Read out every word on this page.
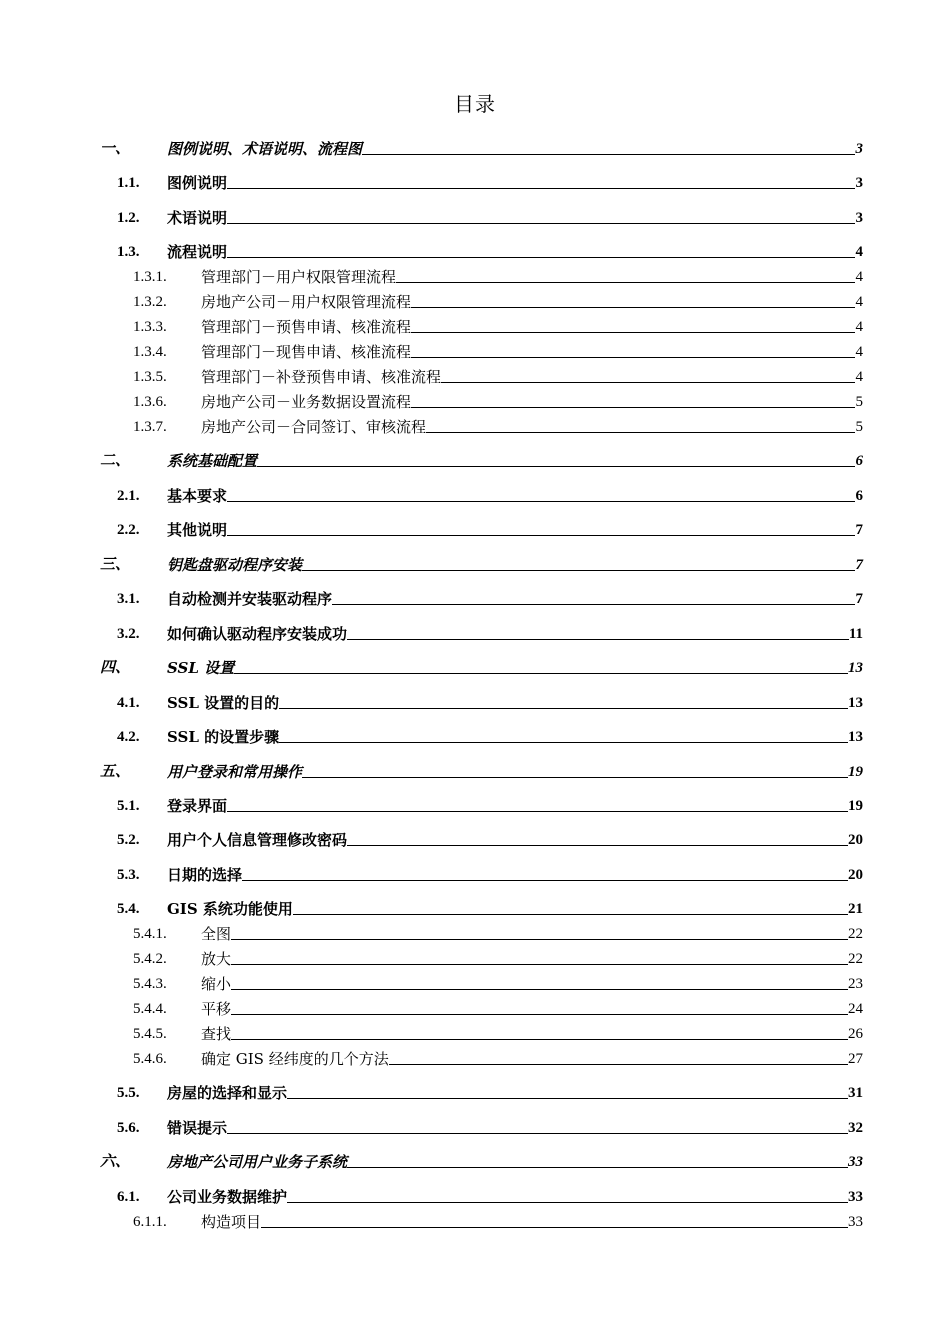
目录
一、 图例说明、术语说明、流程图	3
1.1. 图例说明	3
1.2. 术语说明	3
1.3. 流程说明	4
1.3.1. 管理部门－用户权限管理流程	4
1.3.2. 房地产公司－用户权限管理流程	4
1.3.3. 管理部门－预售申请、核准流程	4
1.3.4. 管理部门－现售申请、核准流程	4
1.3.5. 管理部门－补登预售申请、核准流程	4
1.3.6. 房地产公司－业务数据设置流程	5
1.3.7. 房地产公司－合同签订、审核流程	5
二、 系统基础配置	6
2.1. 基本要求	6
2.2. 其他说明	7
三、 钥匙盘驱动程序安装	7
3.1. 自动检测并安装驱动程序	7
3.2. 如何确认驱动程序安装成功	11
四、 SSL 设置	13
4.1. SSL 设置的目的	13
4.2. SSL 的设置步骤	13
五、 用户登录和常用操作	19
5.1. 登录界面	19
5.2. 用户个人信息管理修改密码	20
5.3. 日期的选择	20
5.4. GIS 系统功能使用	21
5.4.1. 全图	22
5.4.2. 放大	22
5.4.3. 缩小	23
5.4.4. 平移	24
5.4.5. 查找	26
5.4.6. 确定 GIS 经纬度的几个方法	27
5.5. 房屋的选择和显示	31
5.6. 错误提示	32
六、 房地产公司用户业务子系统	33
6.1. 公司业务数据维护	33
6.1.1. 构造项目	33
